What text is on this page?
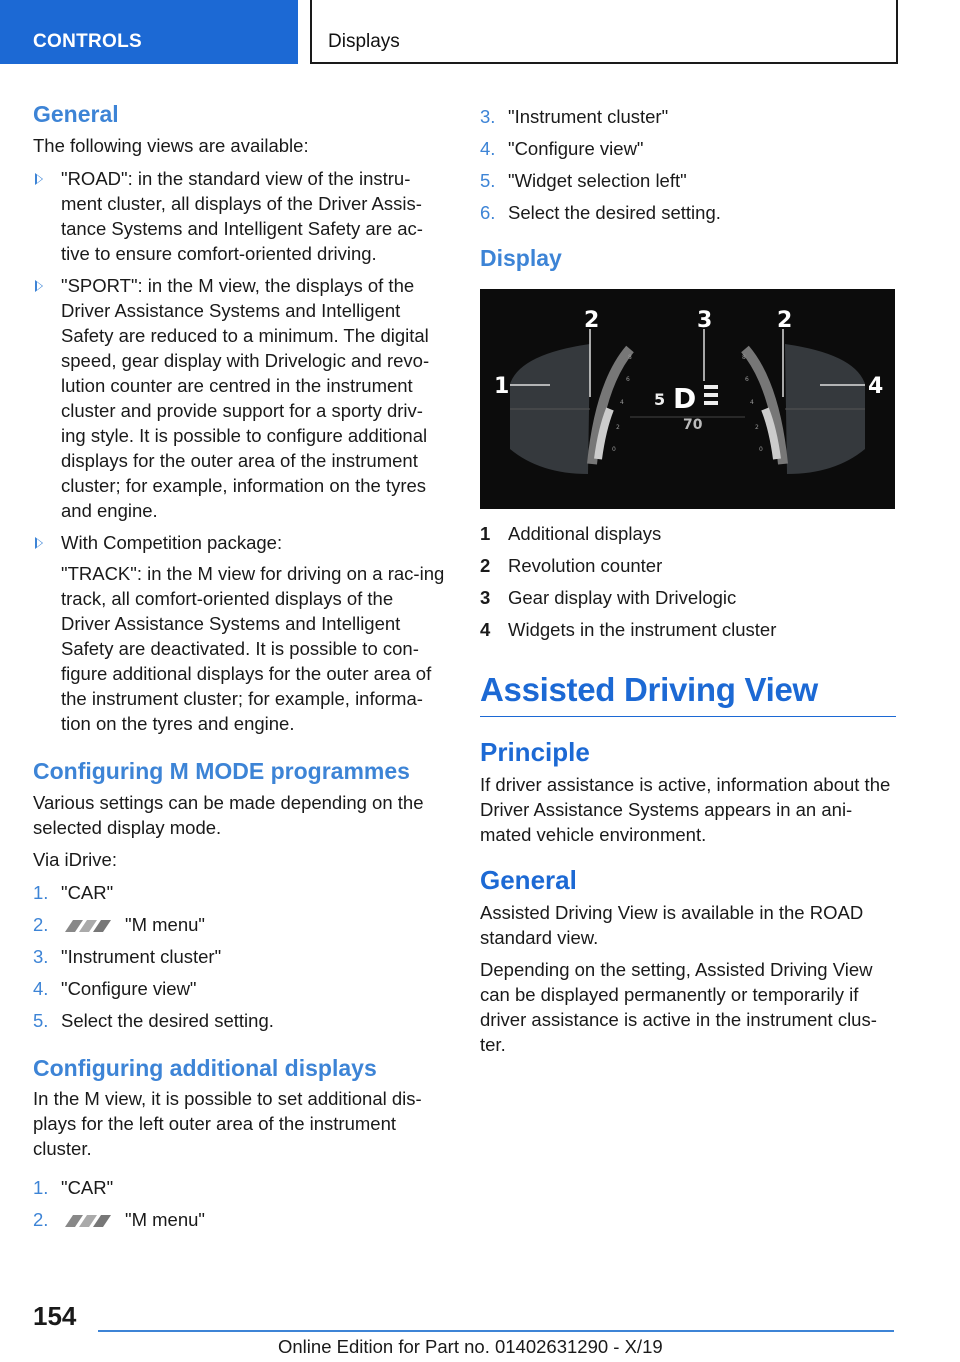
CONTROLS	Displays
General

The following views are available:

"ROAD": in the standard view of the instru-ment cluster, all displays of the Driver Assis-tance Systems and Intelligent Safety are ac-tive to ensure comfort-oriented driving.
"SPORT": in the M view, the displays of the Driver Assistance Systems and Intelligent Safety are reduced to a minimum. The digital speed, gear display with Drivelogic and revo-lution counter are centred in the instrument cluster and provide support for a sporty driv-ing style. It is possible to configure additional displays for the outer area of the instrument cluster; for example, information on the tyres and engine.
With Competition package:

"TRACK": in the M view for driving on a rac-ing track, all comfort-oriented displays of the Driver Assistance Systems and Intelligent Safety are deactivated. It is possible to con-figure additional displays for the outer area of the instrument cluster; for example, informa-tion on the tyres and engine.

Configuring M MODE programmes

Various settings can be made depending on the selected display mode.

Via iDrive:

1. "CAR"
2.	"M menu"
3. "Instrument cluster"
4. "Configure view"
5. Select the desired setting.
Configuring additional displays

In the M view, it is possible to set additional dis-plays for the left outer area of the instrument cluster.

1. "CAR"
2.	"M menu"
3. "Instrument cluster"
4. "Configure view"
5. "Widget selection left"
6. Select the desired setting.
Display
8
6
4
2
0
8
6
4
2
0
5 D
70
1
2	3	2
4
1 Additional displays
2 Revolution counter
3 Gear display with Drivelogic
4 Widgets in the instrument cluster
Assisted Driving View
Principle

If driver assistance is active, information about the Driver Assistance Systems appears in an ani-mated vehicle environment.

General

Assisted Driving View is available in the ROAD standard view.

Depending on the setting, Assisted Driving View can be displayed permanently or temporarily if driver assistance is active in the instrument clus-ter.

154
Online Edition for Part no. 01402631290 - X/19
